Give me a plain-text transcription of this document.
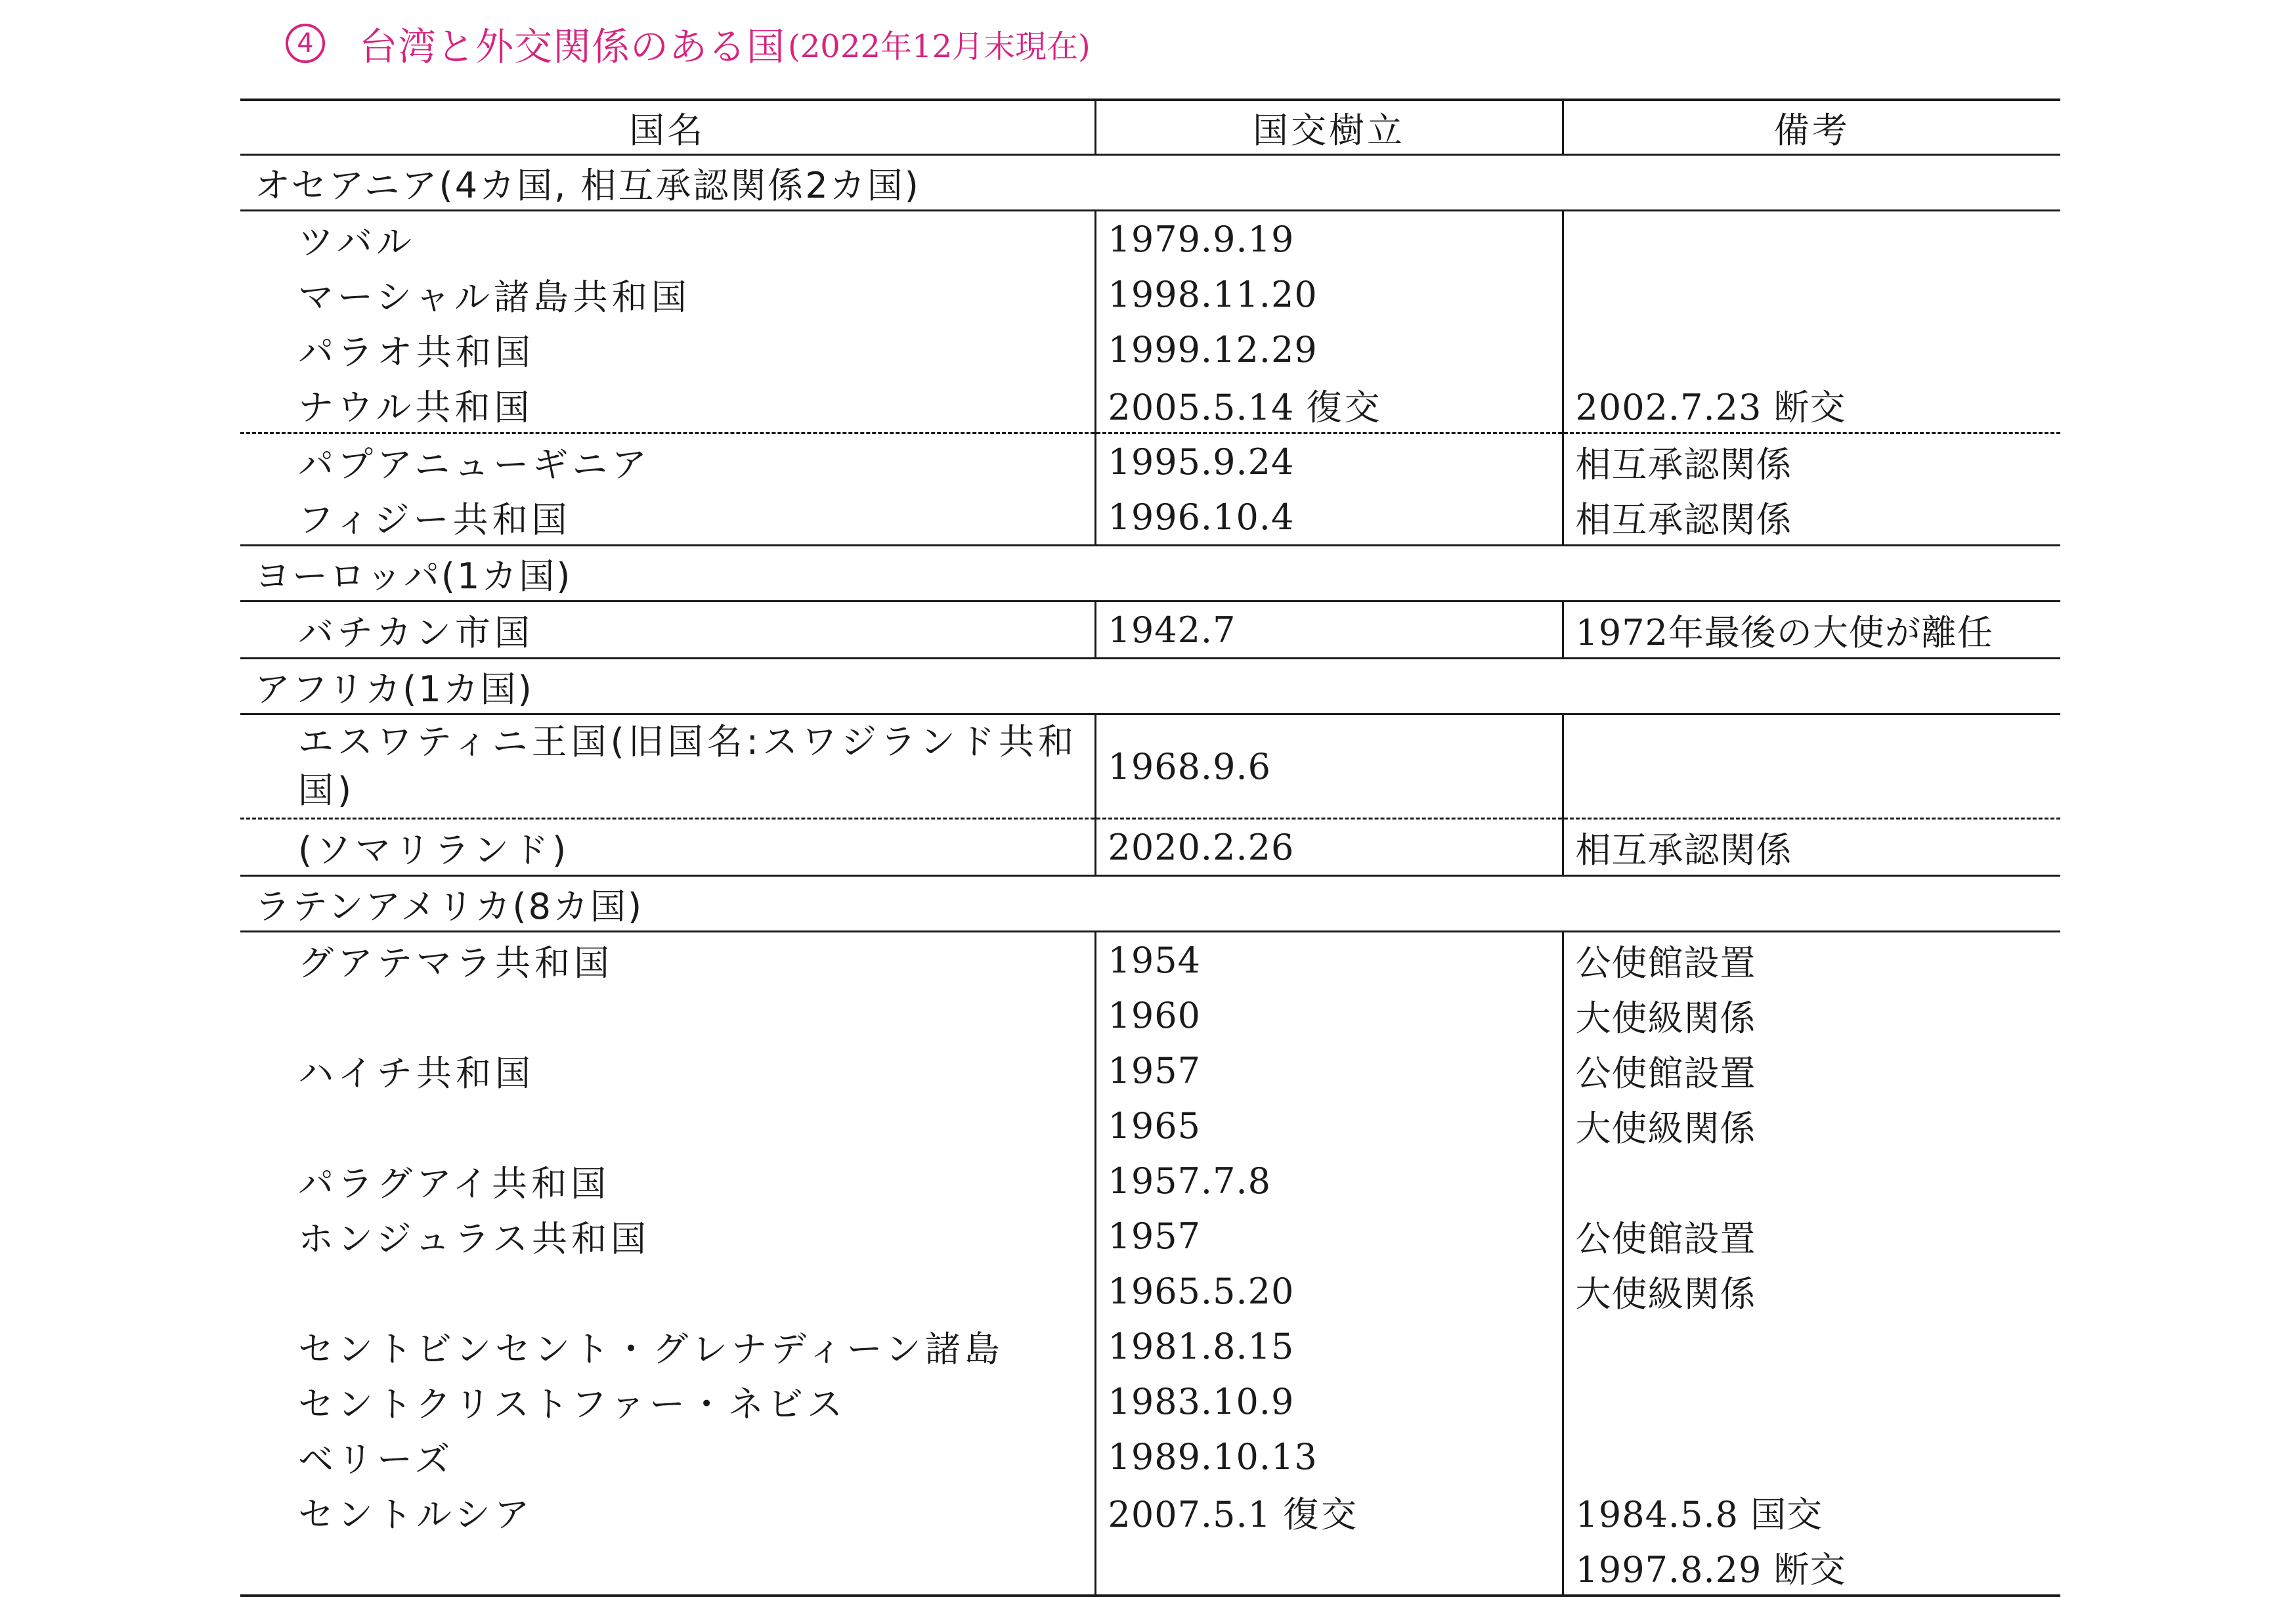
4 台湾と外交関係のある国 (2022年12月末現在)
国名	国交樹立	備考
オセアニア(4カ国, 相互承認関係2カ国)		
ツバル	1979.9.19	
マーシャル諸島共和国	1998.11.20	
パラオ共和国	1999.12.29	
ナウル共和国	2005.5.14 復交	2002.7.23 断交
パプアニューギニア	1995.9.24	相互承認関係
フィジー共和国	1996.10.4	相互承認関係
ヨーロッパ(1カ国)		
バチカン市国	1942.7	1972年最後の大使が離任
アフリカ(1カ国)		
エスワティニ王国(旧国名:スワジランド共和国)	1968.9.6	
(ソマリランド)	2020.2.26	相互承認関係
ラテンアメリカ(8カ国)		
グアテマラ共和国	1954	公使館設置
	1960	大使級関係
ハイチ共和国	1957	公使館設置
	1965	大使級関係
パラグアイ共和国	1957.7.8	
ホンジュラス共和国	1957	公使館設置
	1965.5.20	大使級関係
セントビンセント・グレナディーン諸島	1981.8.15	
セントクリストファー・ネビス	1983.10.9	
ベリーズ	1989.10.13	
セントルシア	2007.5.1 復交	1984.5.8 国交
		1997.8.29 断交
